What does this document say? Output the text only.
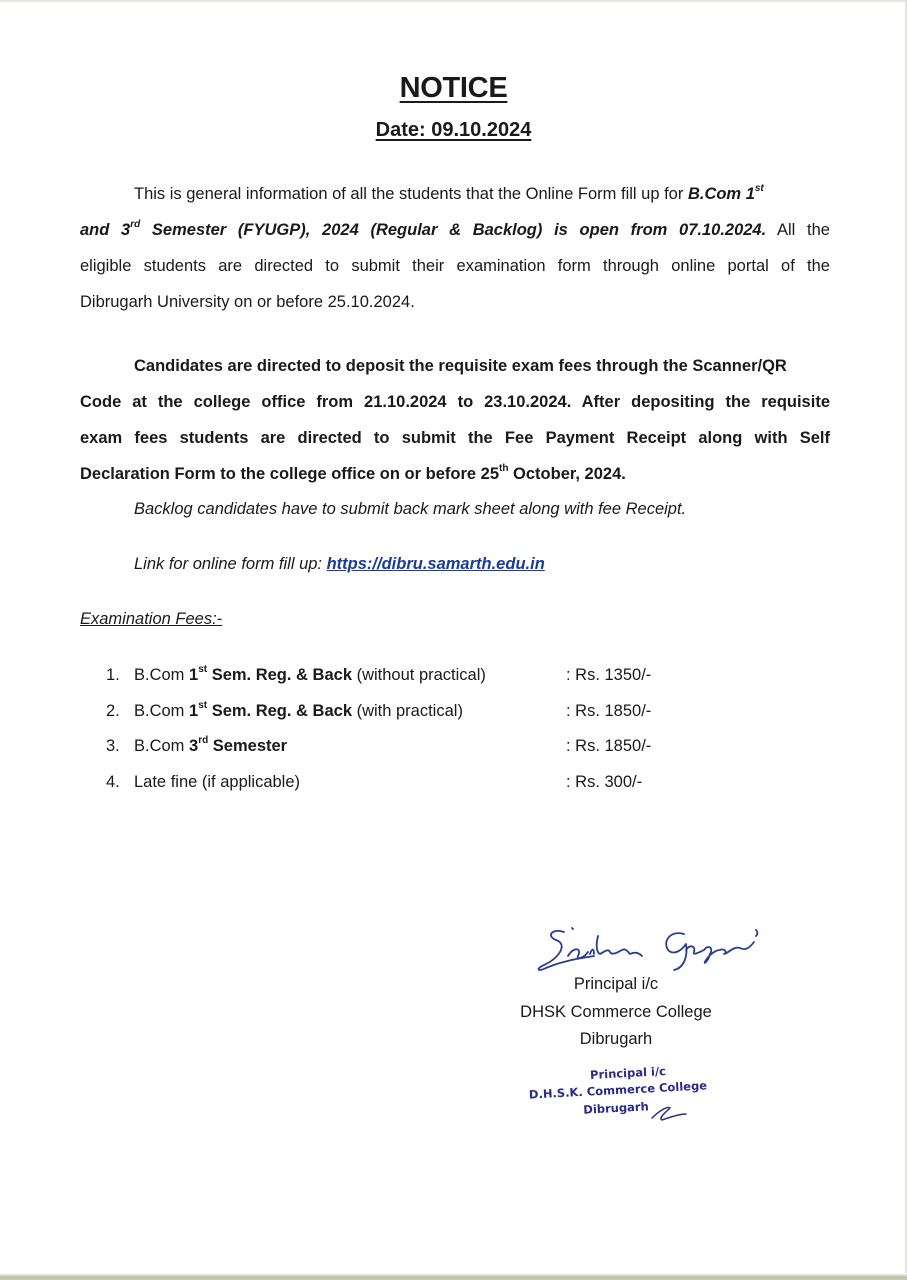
NOTICE
Date: 09.10.2024
This is general information of all the students that the Online Form fill up for B.Com 1st
and 3rd Semester (FYUGP), 2024 (Regular & Backlog) is open from 07.10.2024. All the
eligible students are directed to submit their examination form through online portal of the
Dibrugarh University on or before 25.10.2024.
Candidates are directed to deposit the requisite exam fees through the Scanner/QR
Code at the college office from 21.10.2024 to 23.10.2024. After depositing the requisite
exam fees students are directed to submit the Fee Payment Receipt along with Self
Declaration Form to the college office on or before 25th October, 2024.
Backlog candidates have to submit back mark sheet along with fee Receipt.
Link for online form fill up: https://dibru.samarth.edu.in
Examination Fees:-
1. B.Com 1st Sem. Reg. & Back (without practical)	: Rs. 1350/-
2. B.Com 1st Sem. Reg. & Back (with practical)	: Rs. 1850/-
3. B.Com 3rd Semester	: Rs. 1850/-
4. Late fine (if applicable)	: Rs. 300/-
Principal i/c
DHSK Commerce College
Dibrugarh
Principal i/c
D.H.S.K. Commerce College
Dibrugarh
